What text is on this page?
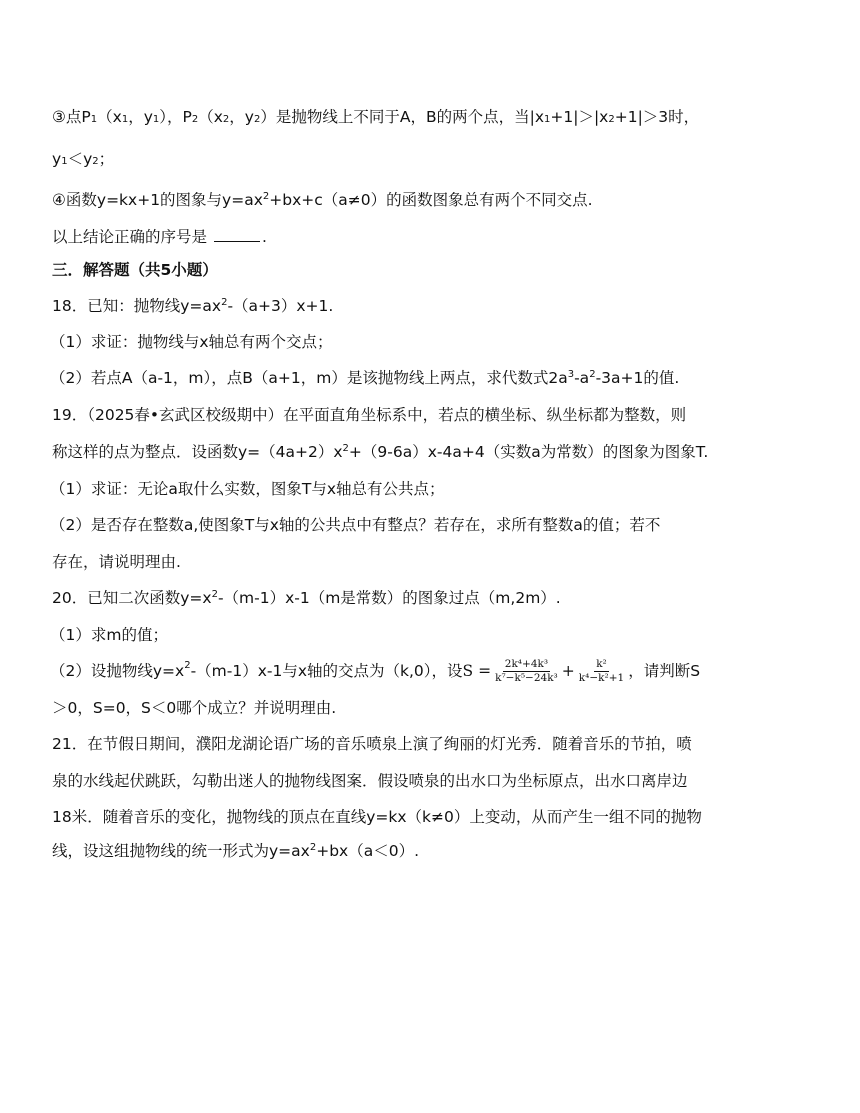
③点$P_1(x_1$，$y_1$），$P_2(x_2$，$y_2$）是抛物线上不同于A，B的两个点，当$|x_1+1|>|x_2+1|>3$时，
$y_1<y_2$；
④函数y=kx+1的图象与$y=ax^2+bx+c(a\ne 0)$的函数图象总有两个不同交点.
以上结论正确的序号是	.
三．解答题（共5小题）
18．已知：抛物线$y=ax^2-(a+3)x+1$.
（1）求证：抛物线与x轴总有两个交点；
（2）若点A（a-1，m），点B（a+1，m）是该抛物线上两点，求代数式$2a^3-a^2-3a+1$的值.
19．（2025春•玄武区校级期中）在平面直角坐标系中，若点的横坐标、纵坐标都为整数，则
称这样的点为整点．设函数$y=(4a+2)x^2+(9-6a)x-4a+4$（实数a为常数）的图象为图象T.
（1）求证：无论a取什么实数，图象T与x轴总有公共点；
（2）是否存在整数a,使图象T与x轴的公共点中有整点？若存在，求所有整数a的值；若不
存在，请说明理由.
20．已知二次函数$y=x^2-(m-1)x-1(m$是常数）的图象过点（m,2m）.
（1）求m的值；
（2）设抛物线$y=x^2-(m-1)x-1$与x轴的交点为（k,0），设$S = \frac{\text{2k⁴+4k³}}{\text{k⁷−k⁵−24k³}} + \frac{\text{k²}}{\text{k⁴−k²+1}}$ ，请判断S
＞0，S=0，S＜0哪个成立？并说明理由.
21．在节假日期间，濮阳龙湖论语广场的音乐喷泉上演了绚丽的灯光秀．随着音乐的节拍，喷
泉的水线起伏跳跃，勾勒出迷人的抛物线图案．假设喷泉的出水口为坐标原点，出水口离岸边
18米．随着音乐的变化，抛物线的顶点在直线y=kx（k≠0）上变动，从而产生一组不同的抛物
线，设这组抛物线的统一形式为$y=ax^2+bx(a<0)$.
